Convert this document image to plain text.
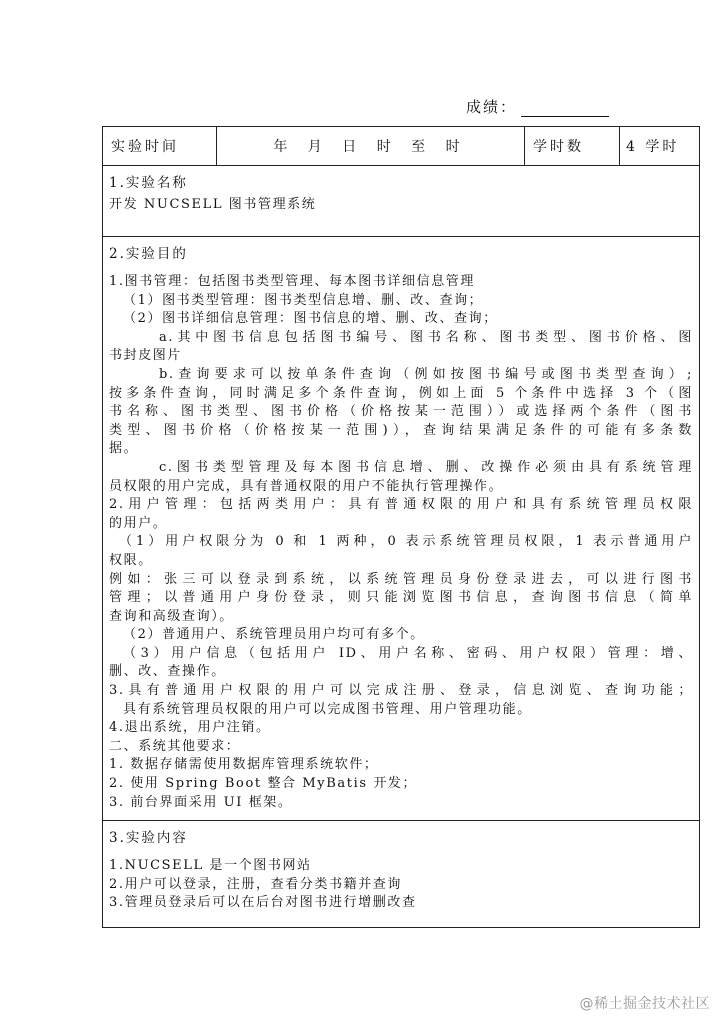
成绩：
实验时间	年 月 日 时 至 时	学时数	4 学时
1.实验名称
开发 NUCSELL 图书管理系统
2.实验目的
1.图书管理：包括图书类型管理、每本图书详细信息管理
（1）图书类型管理：图书类型信息增、删、改、查询；
（2）图书详细信息管理：图书信息的增、删、改、查询；
a.其中图书信息包括图书编号、图书名称、图书类型、图书价格、图
书封皮图片
b.查询要求可以按单条件查询（例如按图书编号或图书类型查询）;
按多条件查询，同时满足多个条件查询，例如上面 5 个条件中选择 3 个（图
书名称、图书类型、图书价格（价格按某一范围））或选择两个条件（图书
类型、图书价格（价格按某一范围)），查询结果满足条件的可能有多条数
据。
c.图书类型管理及每本图书信息增、删、改操作必须由具有系统管理
员权限的用户完成，具有普通权限的用户不能执行管理操作。
2.用户管理：包括两类用户：具有普通权限的用户和具有系统管理员权限
的用户。
（1）用户权限分为 0 和 1 两种，0 表示系统管理员权限，1 表示普通用户
权限。
例如：张三可以登录到系统，以系统管理员身份登录进去，可以进行图书
管理；以普通用户身份登录，则只能浏览图书信息，查询图书信息（简单
查询和高级查询）。
（2）普通用户、系统管理员用户均可有多个。
（3）用户信息（包括用户 ID、用户名称、密码、用户权限）管理：增、
删、改、查操作。
3.具有普通用户权限的用户可以完成注册、登录，信息浏览、查询功能；
具有系统管理员权限的用户可以完成图书管理、用户管理功能。
4.退出系统，用户注销。
二、系统其他要求：
1. 数据存储需使用数据库管理系统软件；
2. 使用 Spring Boot 整合 MyBatis 开发；
3. 前台界面采用 UI 框架。
3.实验内容
1.NUCSELL 是一个图书网站
2.用户可以登录，注册，查看分类书籍并查询
3.管理员登录后可以在后台对图书进行增删改查
@稀土掘金技术社区
